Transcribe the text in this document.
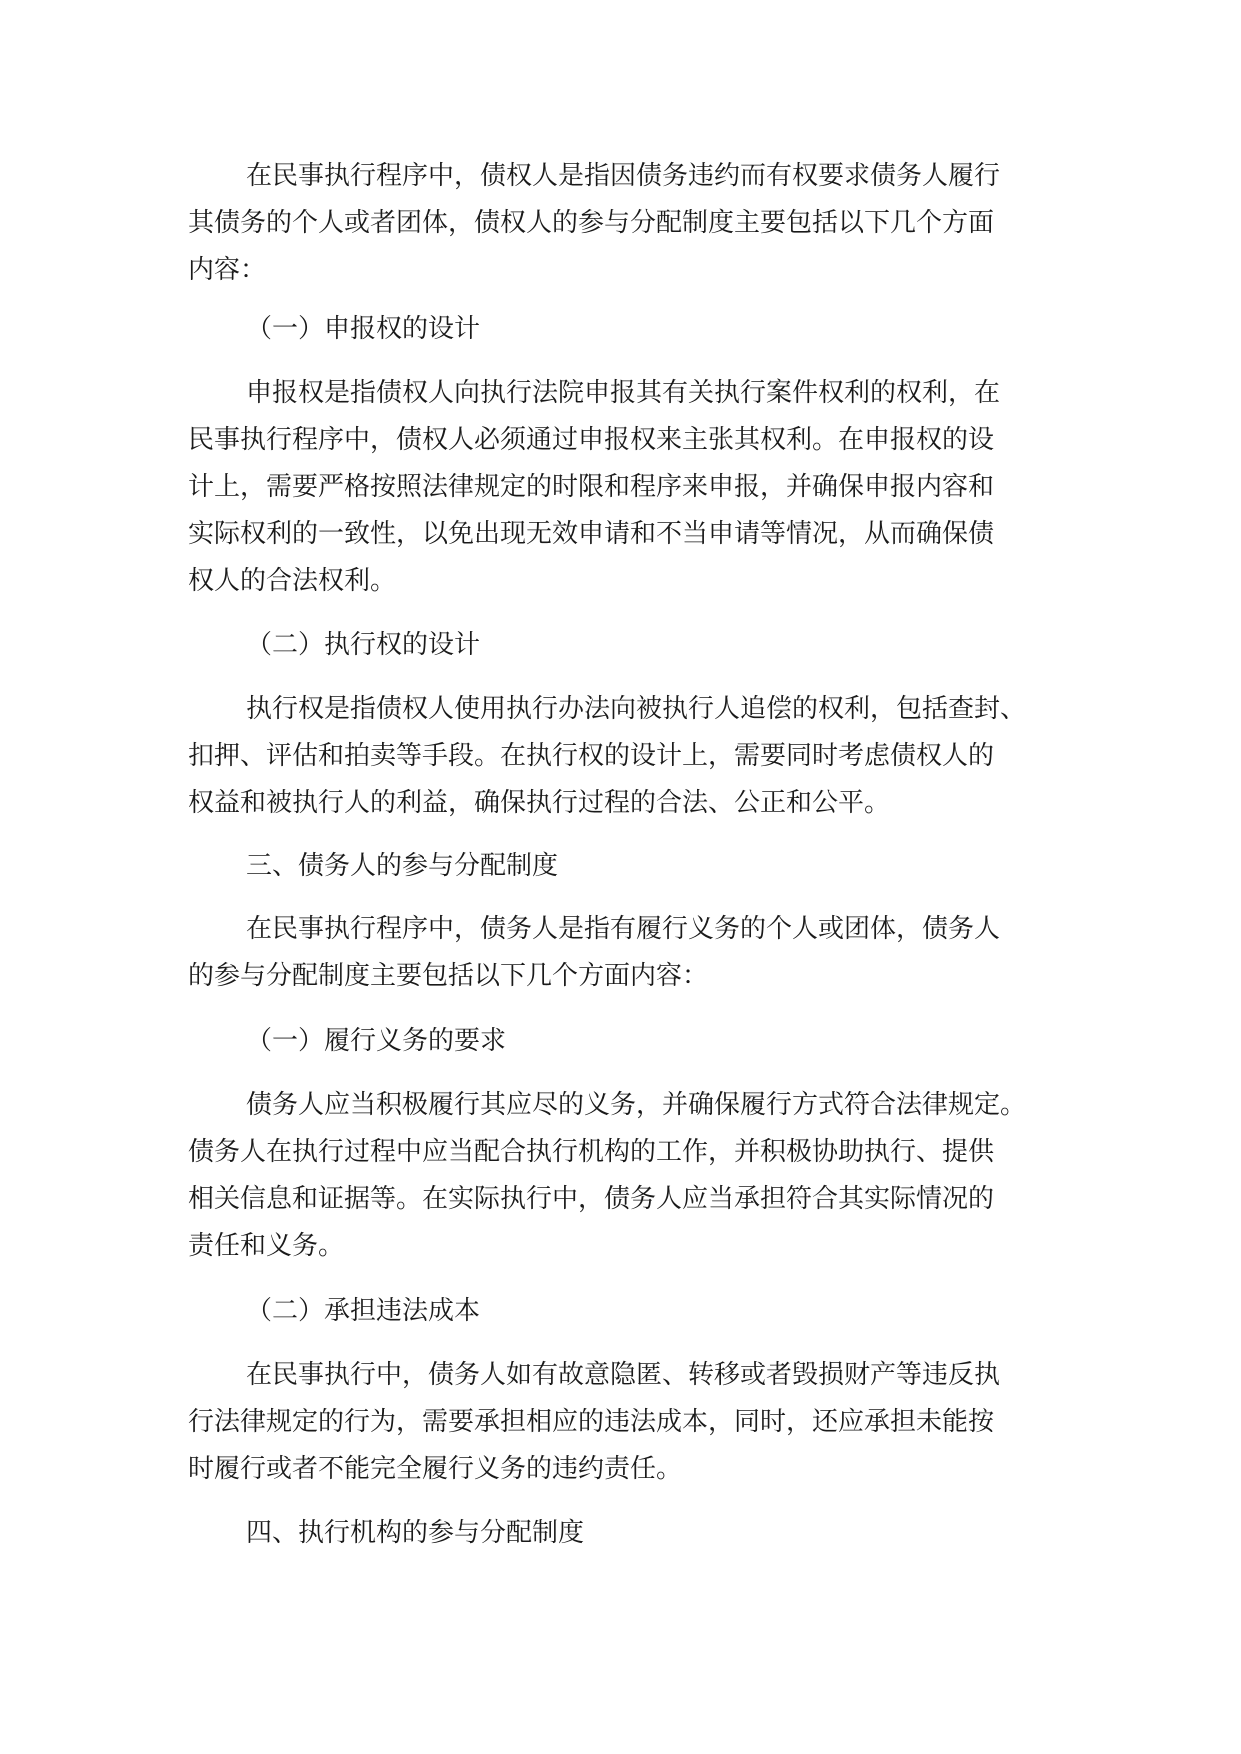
在民事执行程序中，债权人是指因债务违约而有权要求债务人履行
其债务的个人或者团体，债权人的参与分配制度主要包括以下几个方面
内容：
（一）申报权的设计
申报权是指债权人向执行法院申报其有关执行案件权利的权利，在
民事执行程序中，债权人必须通过申报权来主张其权利。在申报权的设
计上，需要严格按照法律规定的时限和程序来申报，并确保申报内容和
实际权利的一致性，以免出现无效申请和不当申请等情况，从而确保债
权人的合法权利。
（二）执行权的设计
执行权是指债权人使用执行办法向被执行人追偿的权利，包括查封、
扣押、评估和拍卖等手段。在执行权的设计上，需要同时考虑债权人的
权益和被执行人的利益，确保执行过程的合法、公正和公平。
三、债务人的参与分配制度
在民事执行程序中，债务人是指有履行义务的个人或团体，债务人
的参与分配制度主要包括以下几个方面内容：
（一）履行义务的要求
债务人应当积极履行其应尽的义务，并确保履行方式符合法律规定。
债务人在执行过程中应当配合执行机构的工作，并积极协助执行、提供
相关信息和证据等。在实际执行中，债务人应当承担符合其实际情况的
责任和义务。
（二）承担违法成本
在民事执行中，债务人如有故意隐匿、转移或者毁损财产等违反执
行法律规定的行为，需要承担相应的违法成本，同时，还应承担未能按
时履行或者不能完全履行义务的违约责任。
四、执行机构的参与分配制度
